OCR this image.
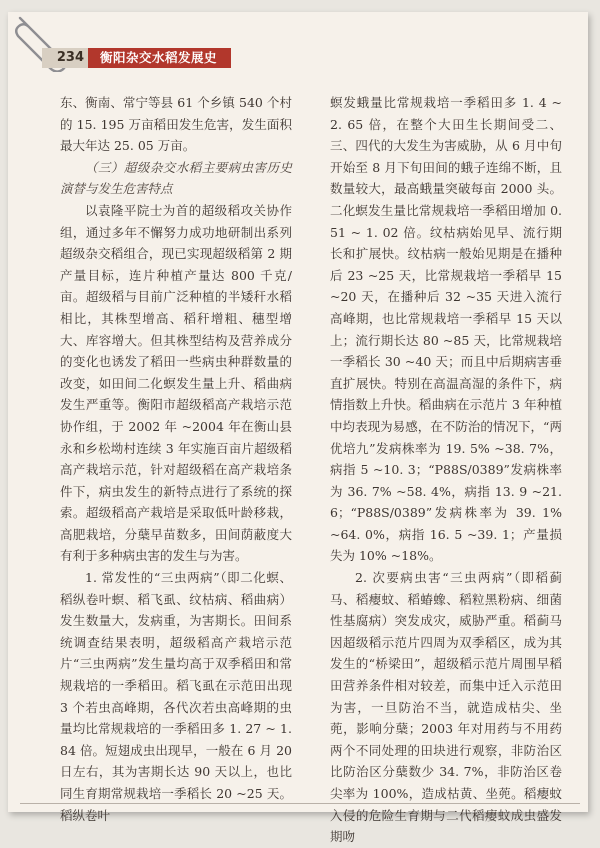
234	衡阳杂交水稻发展史

东、衡南、常宁等县 61 个乡镇 540 个村的 15. 195 万亩稻田发生危害，发生面积最大年达 25. 05 万亩。

（三）超级杂交水稻主要病虫害历史演替与发生危害特点

以袁隆平院士为首的超级稻攻关协作组，通过多年不懈努力成功地研制出系列超级杂交稻组合，现已实现超级稻第 2 期产量目标，连片种植产量达 800 千克/亩。超级稻与目前广泛种植的半矮秆水稻相比，其株型增高、稻秆增粗、穗型增大、库容增大。但其株型结构及营养成分的变化也诱发了稻田一些病虫种群数量的改变，如田间二化螟发生量上升、稻曲病发生严重等。衡阳市超级稻高产栽培示范协作组，于 2002 年 ~2004 年在衡山县永和乡松坳村连续 3 年实施百亩片超级稻高产栽培示范，针对超级稻在高产栽培条件下，病虫发生的新特点进行了系统的探索。超级稻高产栽培是采取低叶龄移栽，高肥栽培，分蘖早苗数多，田间荫蔽度大有利于多种病虫害的发生与为害。

1. 常发性的“三虫两病”（即二化螟、稻纵卷叶螟、稻飞虱、纹枯病、稻曲病）发生数量大，发病重，为害期长。田间系统调查结果表明，超级稻高产栽培示范片“三虫两病”发生量均高于双季稻田和常规栽培的一季稻田。稻飞虱在示范田出现 3 个若虫高峰期，各代次若虫高峰期的虫量均比常规栽培的一季稻田多 1. 27 ~ 1. 84 倍。短翅成虫出现早，一般在 6 月 20 日左右，其为害期长达 90 天以上，也比同生育期常规栽培一季稻长 20 ~25 天。稻纵卷叶

螟发蛾量比常规栽培一季稻田多 1. 4 ~ 2. 65 倍，在整个大田生长期间受二、三、四代的大发生为害威胁，从 6 月中旬开始至 8 月下旬田间的蛾子连绵不断，且数量较大，最高蛾量突破每亩 2000 头。二化螟发生量比常规栽培一季稻田增加 0. 51 ~ 1. 02 倍。纹枯病始见早、流行期长和扩展快。纹枯病一般始见期是在播种后 23 ~25 天，比常规栽培一季稻早 15 ~20 天，在播种后 32 ~35 天进入流行高峰期，也比常规栽培一季稻早 15 天以上；流行期长达 80 ~85 天，比常规栽培一季稻长 30 ~40 天；而且中后期病害垂直扩展快。特别在高温高湿的条件下，病情指数上升快。稻曲病在示范片 3 年种植中均表现为易感，在不防治的情况下，“两优培九”发病株率为 19. 5% ~38. 7%，病指 5 ~10. 3；“P88S/0389”发病株率为 36. 7% ~58. 4%，病指 13. 9 ~21. 6；“P88S/0389”发病株率为 39. 1% ~64. 0%，病指 16. 5 ~39. 1；产量损失为 10% ~18%。

2. 次要病虫害“三虫两病”（即稻蓟马、稻瘿蚊、稻蝽蟓、稻粒黑粉病、细菌性基腐病）突发成灾，威胁严重。稻蓟马因超级稻示范片四周为双季稻区，成为其发生的“桥梁田”，超级稻示范片周围早稻田营养条件相对较差，而集中迁入示范田为害，一旦防治不当，就造成枯尖、坐蔸，影响分蘖；2003 年对用药与不用药两个不同处理的田块进行观察，非防治区比防治区分蘖数少 34. 7%，非防治区卷尖率为 100%，造成枯黄、坐蔸。稻瘿蚊入侵的危险生育期与二代稻瘿蚊成虫盛发期吻
